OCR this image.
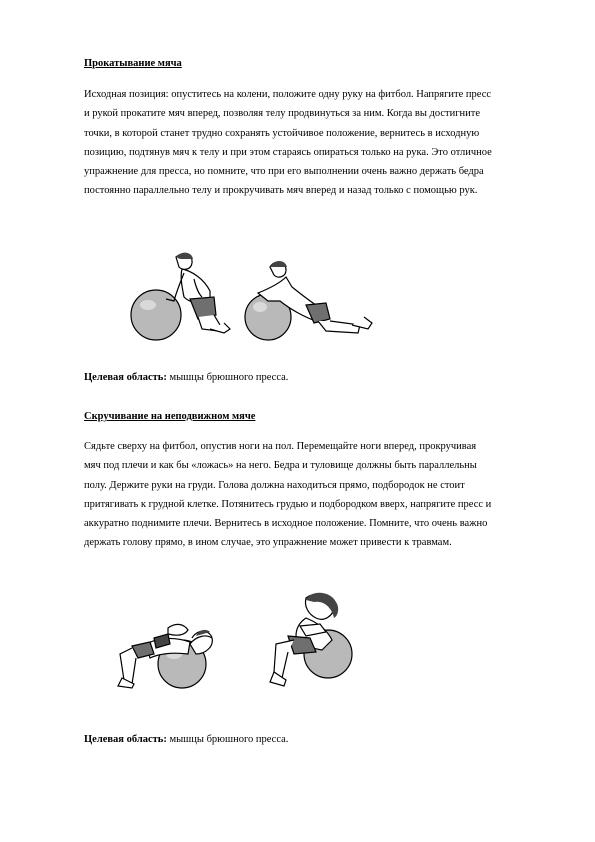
Прокатывание мяча
Исходная позиция: опуститесь на колени, положите одну руку на фитбол. Напрягите пресс
и рукой прокатите мяч вперед, позволяя телу продвинуться за ним. Когда вы достигните
точки, в которой станет трудно сохранять устойчивое положение, вернитесь в исходную
позицию, подтянув мяч к телу и при этом стараясь опираться только на рука. Это отличное
упражнение для пресса, но помните, что при его выполнении очень важно держать бедра
постоянно параллельно телу и прокручивать мяч вперед и назад только с помощью рук.
Целевая область: мышцы брюшного пресса.
Скручивание на неподвижном мяче
Сядьте сверху на фитбол, опустив ноги на пол. Перемещайте ноги вперед, прокручивая
мяч под плечи и как бы «ложась» на него. Бедра и туловище должны быть параллельны
полу. Держите руки на груди. Голова должна находиться прямо, подбородок не стоит
притягивать к грудной клетке. Потянитесь грудью и подбородком вверх, напрягите пресс и
аккуратно поднимите плечи. Вернитесь в исходное положение. Помните, что очень важно
держать голову прямо, в ином случае, это упражнение может привести к травмам.
Целевая область: мышцы брюшного пресса.
